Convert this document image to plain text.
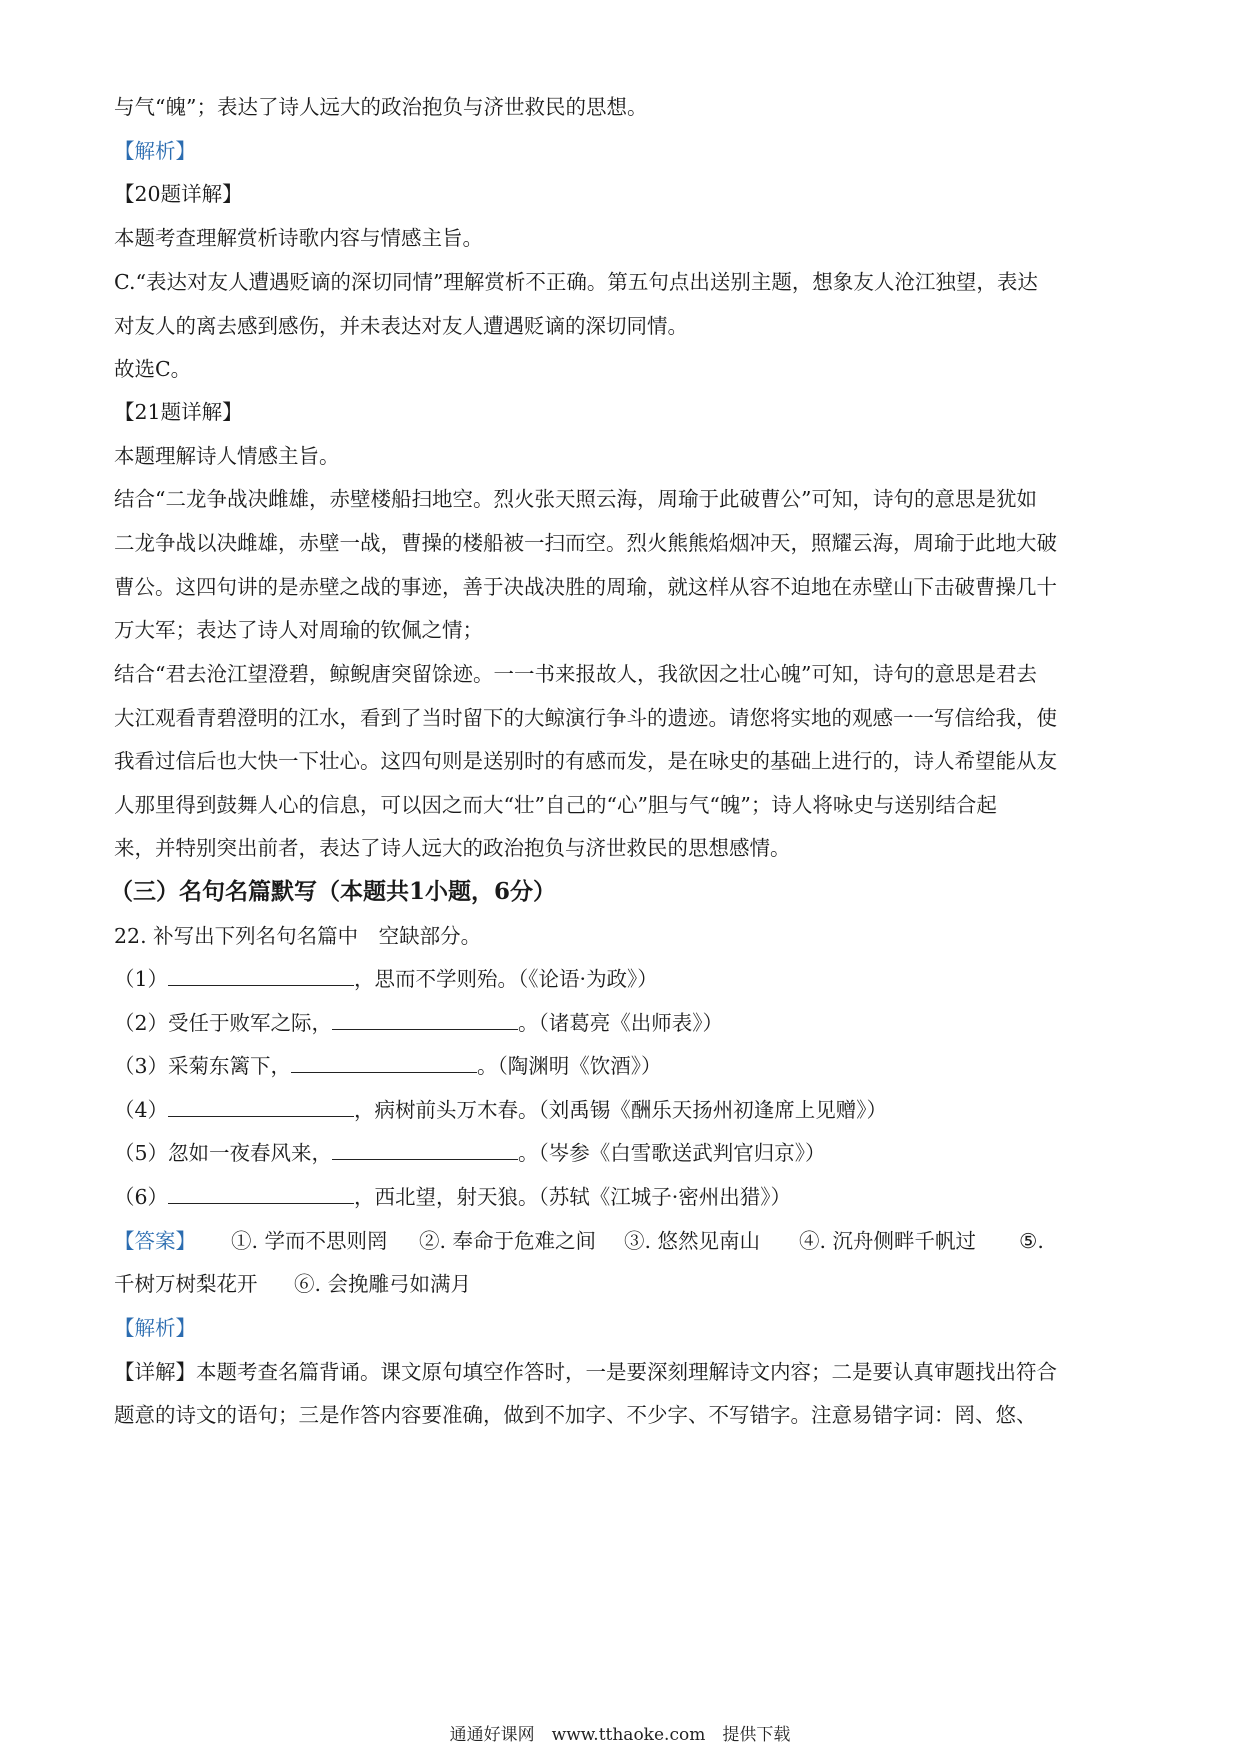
与气“魄”；表达了诗人远大的政治抱负与济世救民的思想。
【解析】
【20题详解】
本题考查理解赏析诗歌内容与情感主旨。
C.“表达对友人遭遇贬谪的深切同情”理解赏析不正确。第五句点出送别主题，想象友人沧江独望，表达
对友人的离去感到感伤，并未表达对友人遭遇贬谪的深切同情。
故选C。
【21题详解】
本题理解诗人情感主旨。
结合“二龙争战决雌雄，赤壁楼船扫地空。烈火张天照云海，周瑜于此破曹公”可知，诗句的意思是犹如
二龙争战以决雌雄，赤壁一战，曹操的楼船被一扫而空。烈火熊熊焰烟冲天，照耀云海，周瑜于此地大破
曹公。这四句讲的是赤壁之战的事迹，善于决战决胜的周瑜，就这样从容不迫地在赤壁山下击破曹操几十
万大军；表达了诗人对周瑜的钦佩之情；
结合“君去沧江望澄碧，鲸鲵唐突留馀迹。一一书来报故人，我欲因之壮心魄”可知，诗句的意思是君去
大江观看青碧澄明的江水，看到了当时留下的大鲸演行争斗的遗迹。请您将实地的观感一一写信给我，使
我看过信后也大快一下壮心。这四句则是送别时的有感而发，是在咏史的基础上进行的，诗人希望能从友
人那里得到鼓舞人心的信息，可以因之而大“壮”自己的“心”胆与气“魄”；诗人将咏史与送别结合起
来，并特别突出前者，表达了诗人远大的政治抱负与济世救民的思想感情。
（三）名句名篇默写（本题共1小题，6分）
22. 补写出下列名句名篇中　空缺部分。
（1）	，思而不学则殆。（《论语·为政》）
（2）受任于败军之际，	。（诸葛亮《出师表》）
（3）采菊东篱下，	。（陶渊明《饮酒》）
（4）	，病树前头万木春。（刘禹锡《酬乐天扬州初逢席上见赠》）
（5）忽如一夜春风来，	。（岑参《白雪歌送武判官归京》）
（6）	，西北望，射天狼。（苏轼《江城子·密州出猎》）
【答案】 ①. 学而不思则罔 ②. 奉命于危难之间 ③. 悠然见南山 ④. 沉舟侧畔千帆过 ⑤.
千树万树梨花开 ⑥. 会挽雕弓如满月
【解析】
【详解】本题考查名篇背诵。课文原句填空作答时，一是要深刻理解诗文内容；二是要认真审题找出符合
题意的诗文的语句；三是作答内容要准确，做到不加字、不少字、不写错字。注意易错字词：罔、悠、
通通好课网　www.tthaoke.com　提供下载
